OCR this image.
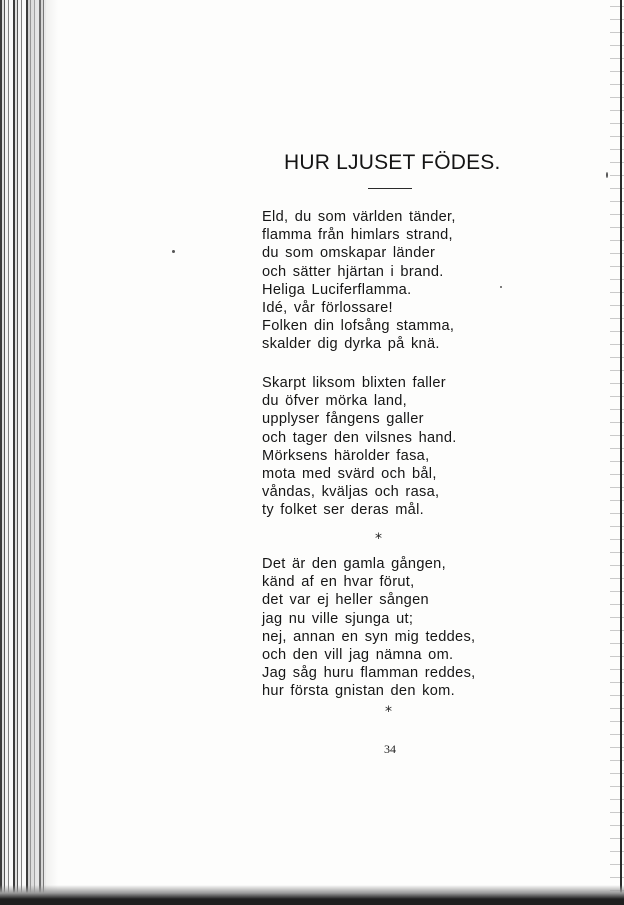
HUR LJUSET FÖDES.
Eld, du som världen tänder,
flamma från himlars strand,
du som omskapar länder
och sätter hjärtan i brand.
Heliga Luciferflamma.
Idé, vår förlossare!
Folken din lofsång stamma,
skalder dig dyrka på knä.
Skarpt liksom blixten faller
du öfver mörka land,
upplyser fångens galler
och tager den vilsnes hand.
Mörksens härolder fasa,
mota med svärd och bål,
våndas, kväljas och rasa,
ty folket ser deras mål.
*
Det är den gamla gången,
känd af en hvar förut,
det var ej heller sången
jag nu ville sjunga ut;
nej, annan en syn mig teddes,
och den vill jag nämna om.
Jag såg huru flamman reddes,
hur första gnistan den kom.
*
34
